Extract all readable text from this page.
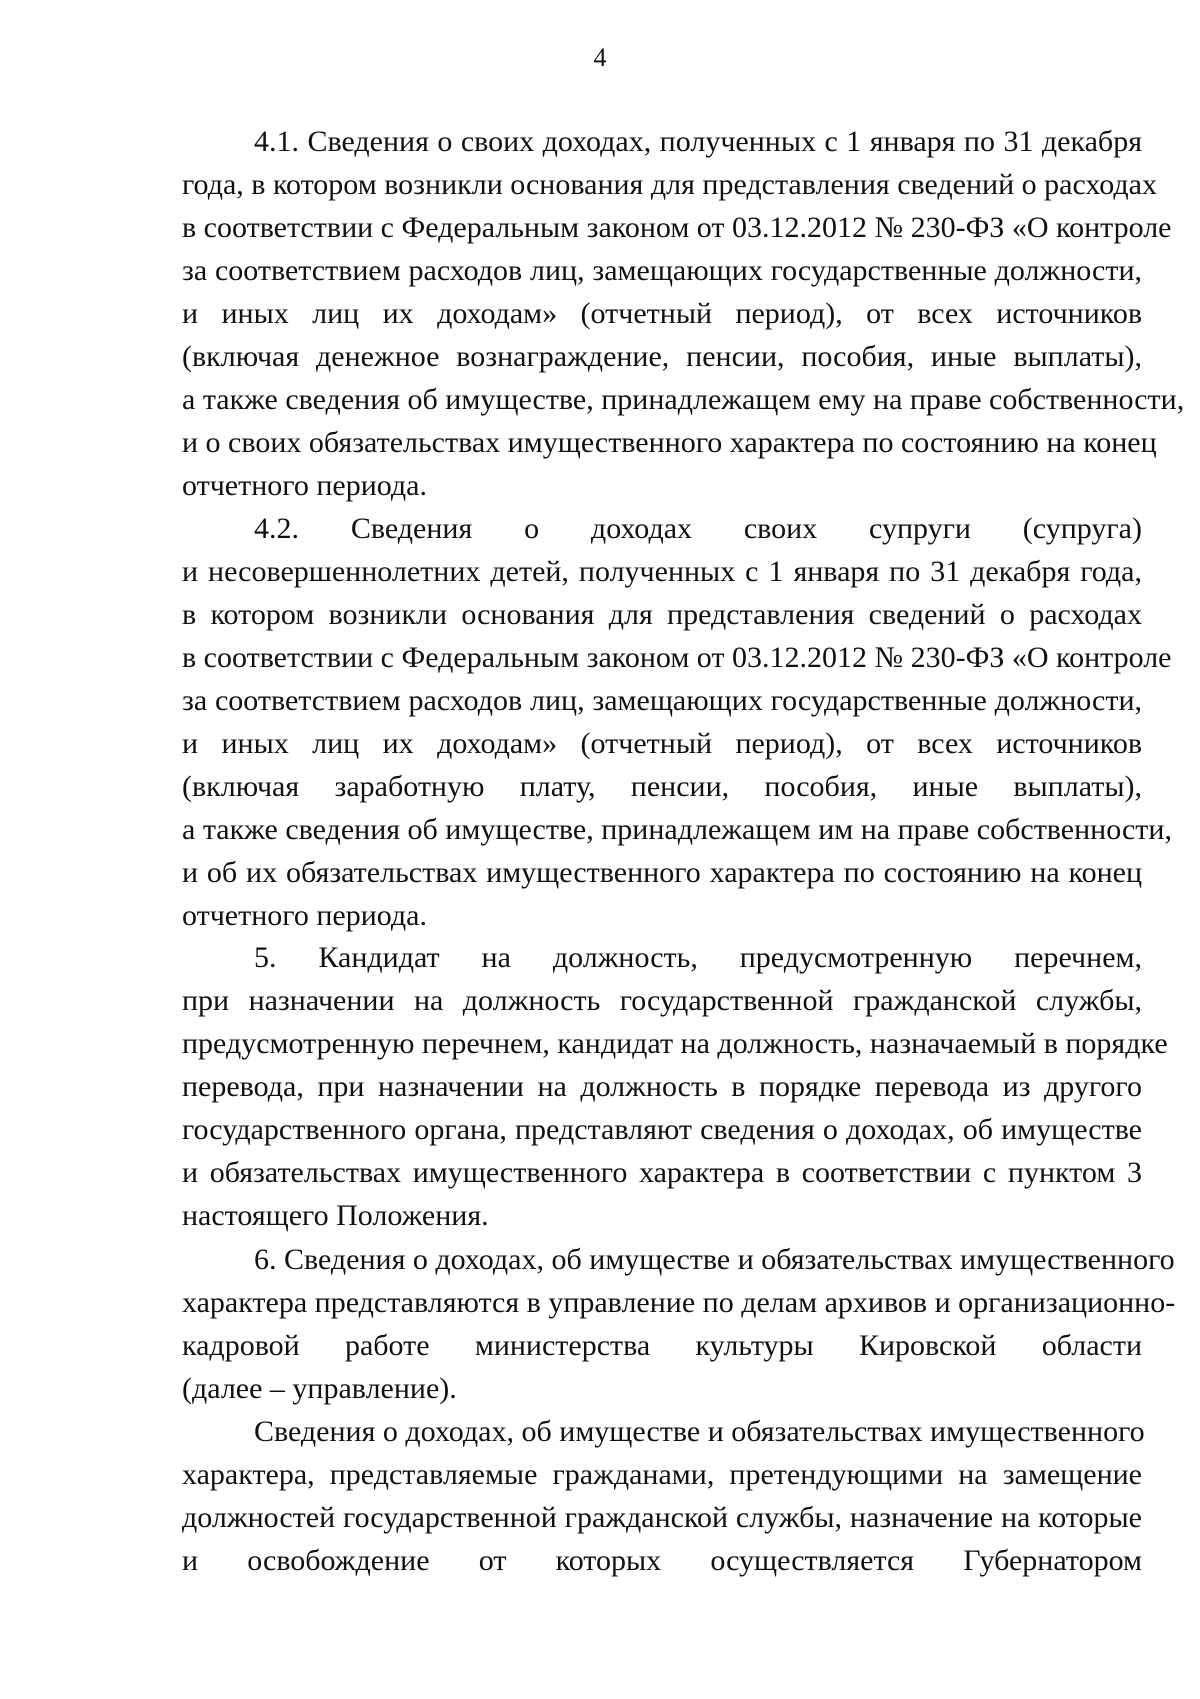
4
4.1. Сведения о своих доходах, полученных с 1 января по 31 декабря
года, в котором возникли основания для представления сведений о расходах
в соответствии с Федеральным законом от 03.12.2012 № 230-ФЗ «О контроле
за соответствием расходов лиц, замещающих государственные должности,
и иных лиц их доходам» (отчетный период), от всех источников
(включая денежное вознаграждение, пенсии, пособия, иные выплаты),
а также сведения об имуществе, принадлежащем ему на праве собственности,
и о своих обязательствах имущественного характера по состоянию на конец
отчетного периода.
4.2. Сведения о доходах своих супруги (супруга)
и несовершеннолетних детей, полученных с 1 января по 31 декабря года,
в котором возникли основания для представления сведений о расходах
в соответствии с Федеральным законом от 03.12.2012 № 230-ФЗ «О контроле
за соответствием расходов лиц, замещающих государственные должности,
и иных лиц их доходам» (отчетный период), от всех источников
(включая заработную плату, пенсии, пособия, иные выплаты),
а также сведения об имуществе, принадлежащем им на праве собственности,
и об их обязательствах имущественного характера по состоянию на конец
отчетного периода.
5. Кандидат на должность, предусмотренную перечнем,
при назначении на должность государственной гражданской службы,
предусмотренную перечнем, кандидат на должность, назначаемый в порядке
перевода, при назначении на должность в порядке перевода из другого
государственного органа, представляют сведения о доходах, об имуществе
и обязательствах имущественного характера в соответствии с пунктом 3
настоящего Положения.
6. Сведения о доходах, об имуществе и обязательствах имущественного
характера представляются в управление по делам архивов и организационно-
кадровой работе министерства культуры Кировской области
(далее – управление).
Сведения о доходах, об имуществе и обязательствах имущественного
характера, представляемые гражданами, претендующими на замещение
должностей государственной гражданской службы, назначение на которые
и освобождение от которых осуществляется Губернатором
